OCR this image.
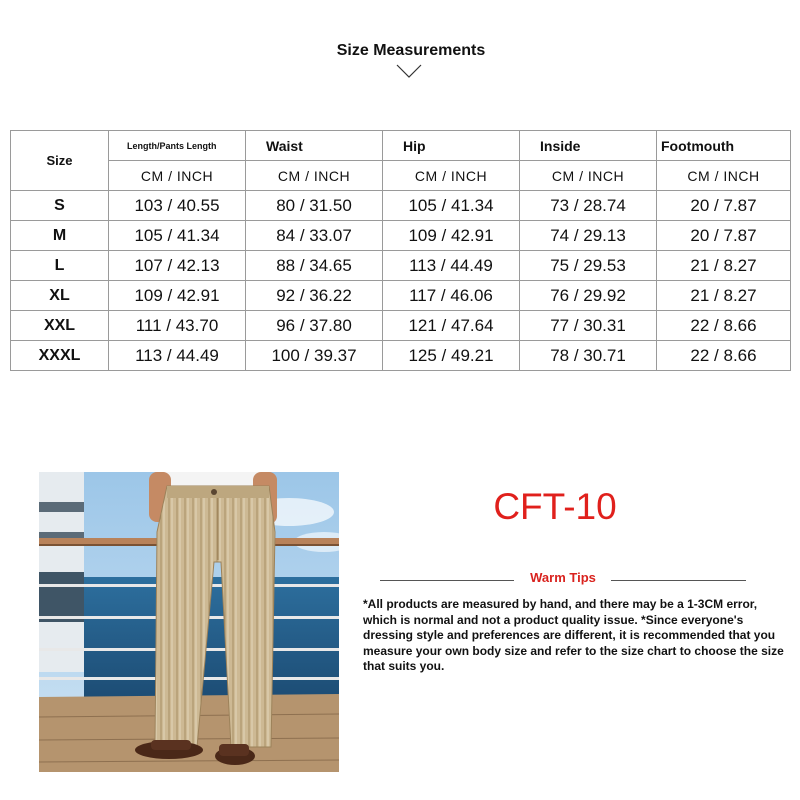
Size Measurements
Size	Length/Pants Length	Waist	Hip	Inside	Footmouth
	CM / INCH	CM / INCH	CM / INCH	CM / INCH	CM / INCH
S	103 / 40.55	80 / 31.50	105 / 41.34	73 / 28.74	20 / 7.87
M	105 / 41.34	84 / 33.07	109 / 42.91	74 / 29.13	20 / 7.87
L	107 / 42.13	88 / 34.65	113 / 44.49	75 / 29.53	21 / 8.27
XL	109 / 42.91	92 / 36.22	117 / 46.06	76 / 29.92	21 / 8.27
XXL	111 / 43.70	96 / 37.80	121 / 47.64	77 / 30.31	22 / 8.66
XXXL	113 / 44.49	100 / 39.37	125 / 49.21	78 / 30.71	22 / 8.66
CFT-10
Warm Tips
*All products are measured by hand, and there may be a 1-3CM error, which is normal and not a product quality issue. *Since everyone's dressing style and preferences are different, it is recommended that you measure your own body size and refer to the size chart to choose the size that suits you.
